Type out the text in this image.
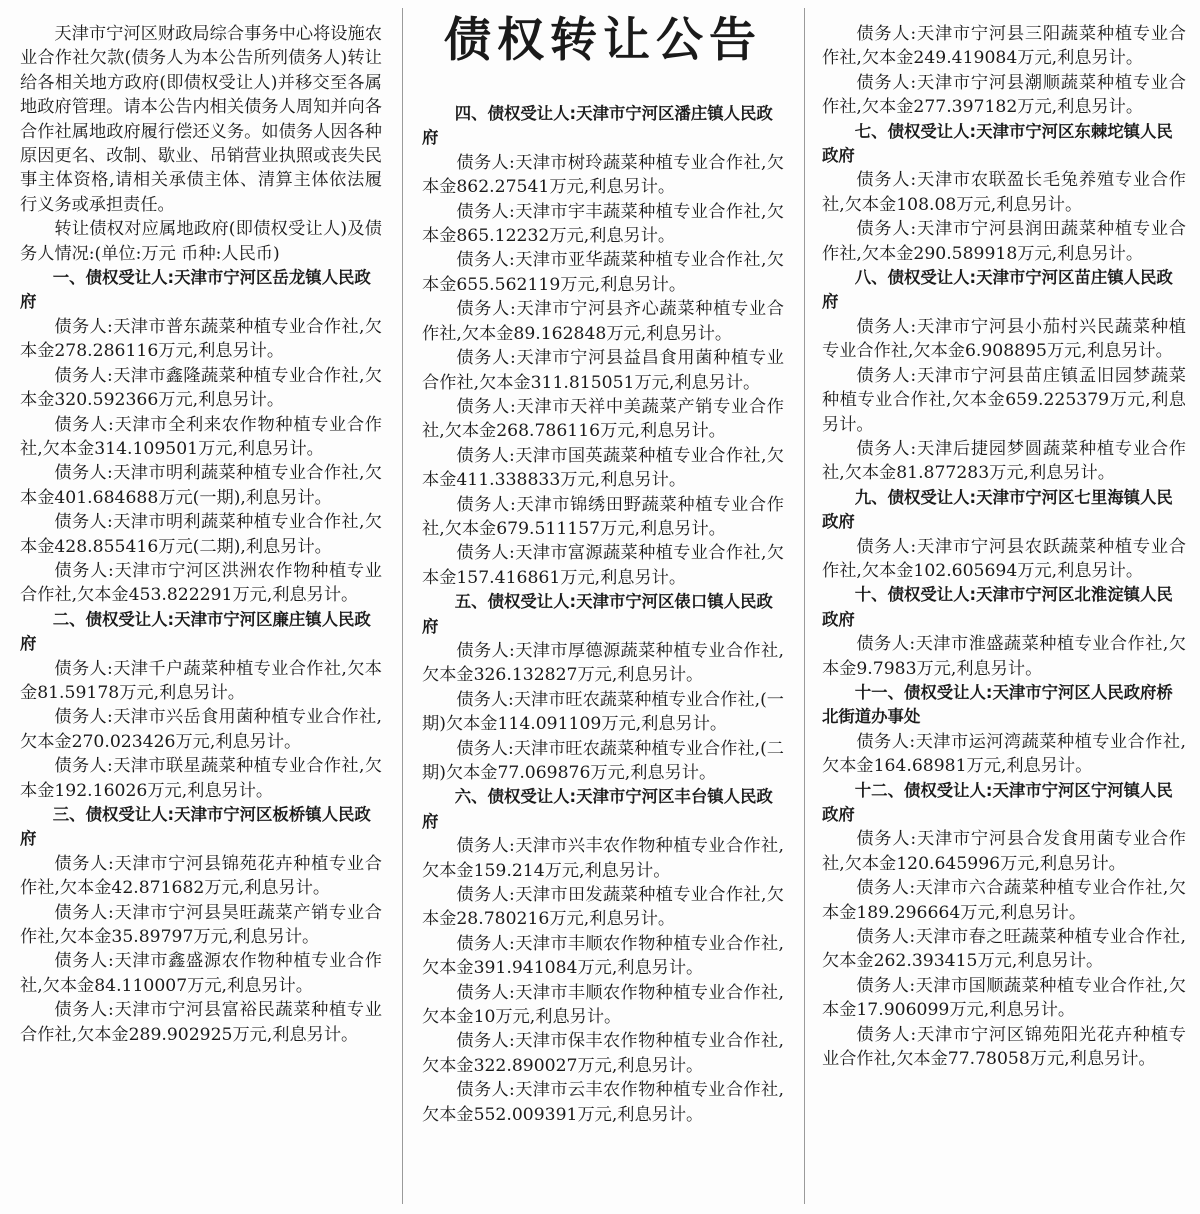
天津市宁河区财政局综合事务中心将设施农业合作社欠款(债务人为本公告所列债务人)转让给各相关地方政府(即债权受让人)并移交至各属地政府管理。请本公告内相关债务人周知并向各合作社属地政府履行偿还义务。如债务人因各种原因更名、改制、歇业、吊销营业执照或丧失民事主体资格,请相关承债主体、清算主体依法履行义务或承担责任。

转让债权对应属地政府(即债权受让人)及债务人情况:(单位:万元 币种:人民币)

一、债权受让人:天津市宁河区岳龙镇人民政府

债务人:天津市普东蔬菜种植专业合作社,欠本金278.286116万元,利息另计。

债务人:天津市鑫隆蔬菜种植专业合作社,欠本金320.592366万元,利息另计。

债务人:天津市全利来农作物种植专业合作社,欠本金314.109501万元,利息另计。

债务人:天津市明利蔬菜种植专业合作社,欠本金401.684688万元(一期),利息另计。

债务人:天津市明利蔬菜种植专业合作社,欠本金428.855416万元(二期),利息另计。

债务人:天津市宁河区洪洲农作物种植专业合作社,欠本金453.822291万元,利息另计。

二、债权受让人:天津市宁河区廉庄镇人民政府

债务人:天津千户蔬菜种植专业合作社,欠本金81.59178万元,利息另计。

债务人:天津市兴岳食用菌种植专业合作社,欠本金270.023426万元,利息另计。

债务人:天津市联星蔬菜种植专业合作社,欠本金192.16026万元,利息另计。

三、债权受让人:天津市宁河区板桥镇人民政府

债务人:天津市宁河县锦苑花卉种植专业合作社,欠本金42.871682万元,利息另计。

债务人:天津市宁河县昊旺蔬菜产销专业合作社,欠本金35.89797万元,利息另计。

债务人:天津市鑫盛源农作物种植专业合作社,欠本金84.110007万元,利息另计。

债务人:天津市宁河县富裕民蔬菜种植专业合作社,欠本金289.902925万元,利息另计。

债权转让公告

四、债权受让人:天津市宁河区潘庄镇人民政府

债务人:天津市树玲蔬菜种植专业合作社,欠本金862.27541万元,利息另计。

债务人:天津市宇丰蔬菜种植专业合作社,欠本金865.12232万元,利息另计。

债务人:天津市亚华蔬菜种植专业合作社,欠本金655.562119万元,利息另计。

债务人:天津市宁河县齐心蔬菜种植专业合作社,欠本金89.162848万元,利息另计。

债务人:天津市宁河县益昌食用菌种植专业合作社,欠本金311.815051万元,利息另计。

债务人:天津市天祥中美蔬菜产销专业合作社,欠本金268.786116万元,利息另计。

债务人:天津市国英蔬菜种植专业合作社,欠本金411.338833万元,利息另计。

债务人:天津市锦绣田野蔬菜种植专业合作社,欠本金679.511157万元,利息另计。

债务人:天津市富源蔬菜种植专业合作社,欠本金157.416861万元,利息另计。

五、债权受让人:天津市宁河区俵口镇人民政府

债务人:天津市厚德源蔬菜种植专业合作社,欠本金326.132827万元,利息另计。

债务人:天津市旺农蔬菜种植专业合作社,(一期)欠本金114.091109万元,利息另计。

债务人:天津市旺农蔬菜种植专业合作社,(二期)欠本金77.069876万元,利息另计。

六、债权受让人:天津市宁河区丰台镇人民政府

债务人:天津市兴丰农作物种植专业合作社,欠本金159.214万元,利息另计。

债务人:天津市田发蔬菜种植专业合作社,欠本金28.780216万元,利息另计。

债务人:天津市丰顺农作物种植专业合作社,欠本金391.941084万元,利息另计。

债务人:天津市丰顺农作物种植专业合作社,欠本金10万元,利息另计。

债务人:天津市保丰农作物种植专业合作社,欠本金322.890027万元,利息另计。

债务人:天津市云丰农作物种植专业合作社,欠本金552.009391万元,利息另计。

债务人:天津市宁河县三阳蔬菜种植专业合作社,欠本金249.419084万元,利息另计。

债务人:天津市宁河县潮顺蔬菜种植专业合作社,欠本金277.397182万元,利息另计。

七、债权受让人:天津市宁河区东棘坨镇人民政府

债务人:天津市农联盈长毛兔养殖专业合作社,欠本金108.08万元,利息另计。

债务人:天津市宁河县润田蔬菜种植专业合作社,欠本金290.589918万元,利息另计。

八、债权受让人:天津市宁河区苗庄镇人民政府

债务人:天津市宁河县小茄村兴民蔬菜种植专业合作社,欠本金6.908895万元,利息另计。

债务人:天津市宁河县苗庄镇孟旧园梦蔬菜种植专业合作社,欠本金659.225379万元,利息另计。

债务人:天津后捷园梦圆蔬菜种植专业合作社,欠本金81.877283万元,利息另计。

九、债权受让人:天津市宁河区七里海镇人民政府

债务人:天津市宁河县农跃蔬菜种植专业合作社,欠本金102.605694万元,利息另计。

十、债权受让人:天津市宁河区北淮淀镇人民政府

债务人:天津市淮盛蔬菜种植专业合作社,欠本金9.7983万元,利息另计。

十一、债权受让人:天津市宁河区人民政府桥北街道办事处

债务人:天津市运河湾蔬菜种植专业合作社,欠本金164.68981万元,利息另计。

十二、债权受让人:天津市宁河区宁河镇人民政府

债务人:天津市宁河县合发食用菌专业合作社,欠本金120.645996万元,利息另计。

债务人:天津市六合蔬菜种植专业合作社,欠本金189.296664万元,利息另计。

债务人:天津市春之旺蔬菜种植专业合作社,欠本金262.393415万元,利息另计。

债务人:天津市国顺蔬菜种植专业合作社,欠本金17.906099万元,利息另计。

债务人:天津市宁河区锦苑阳光花卉种植专业合作社,欠本金77.78058万元,利息另计。
